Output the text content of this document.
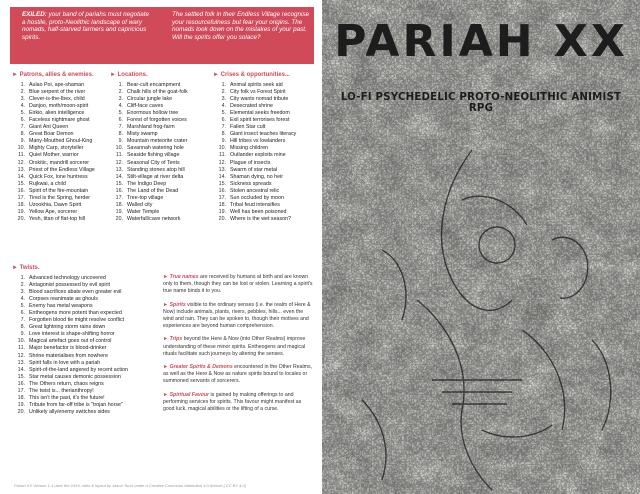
EXILED: your band of pariahs must negotiate a hostile, proto-Neolithic landscape of wary nomads, half-starved farmers and capricious spirits.
The settled folk in their Endless Village recognise your resourcefulness but fear your origins. The nomads look down on the mistakes of your past. Will the spirits offer you solace?
► Patrons, allies & enemies.
1. Aulao Poi, ape-shaman
2. Blue serpent of the river
3. Clever-is-the-Ibex, child
4. Danjoo, moth/moon-spirit
5. Eirkio, alien intelligence
6. Faceless nightmare ghost
7. Giant Ant Queen
8. Great Boar Demon
9. Many-Mouthed Ghoul-King
10. Mighty Carp, storyteller
11. Quiet Mother, warrior
12. Orskitic, mandrill sorcerer
13. Priest of the Endless Village
14. Quick Fox, lone huntress
15. Rujkwai, a child
16. Spirit of the fire-mountain
17. Tired is the Spring, herder
18. Uzookhia, Dawn Spirit
19. Yellow Ape, sorcerer
20. Yesh, titan of flat-top hill
► Locations.
1. Bear-cult encampment
2. Chalk hills of the goat-folk
3. Circular jungle lake
4. Cliff-face caves
5. Enormous hollow tree
6. Forest of forgotten voices
7. Marshland frog-farm
8. Misty swamp
9. Mountain meteorite crater
10. Savannah watering hole
11. Seaside fishing village
12. Seasonal City of Tents
13. Standing stones atop hill
14. Stilt-village at river delta
15. The Indigo Deep
16. The Land of the Dead
17. Tree-top village
18. Walled city
19. Water Temple
20. Waterfall/cave network
► Crises & opportunities...
1. Animal spirits seek aid
2. City folk vs Forest Spirit
3. City wants nomad tribute
4. Desecrated shrine
5. Elemental seeks freedom
6. Exil spirit terrorises forest
7. Fallen Star cult
8. Giant insect teaches literacy
9. Hill tribes vs lowlanders
10. Missing children
11. Outlander exploits mine
12. Plague of insects
13. Swarm of star metal
14. Shaman dying, no heir
15. Sickness spreads
16. Stolen ancestral relic
17. Sun occluded by moon
18. Tribal feud intensifies
19. Well has been poisoned
20. Where is the wet season?
► Twists.
1. Advanced technology uncovered
2. Antagonist possessed by evil spirit
3. Blood sacrifices abate even greater evil
4. Corpses reanimate as ghouls
5. Enemy has metal weapons
6. Entheogens more potent than expected
7. Forgotten blood tie might resolve conflict
8. Great lightning storm rains down
9. Love interest is shape-shifting horror
10. Magical artefact goes out of control
11. Major benefactor is blood-drinker
12. Shrine materialises from nowhere
13. Spirit falls in love with a pariah
14. Spirit-of-the-land angered by recent action
15. Star metal causes demonic possession
16. The Others return, chaos reigns
17. The twist is... therianthropy!
18. This isn't the past, it's the future!
19. Tribute from far-off tribe is "trojan horse"
20. Unlikely ally/enemy switches sides

► True names are received by humans at birth and are known only to them, though they can be lost or stolen. Learning a spirit's true name binds it to you.

► Spirits visible to the ordinary senses (i.e. the realm of Here & Now) include animals, plants, rivers, pebbles, hills... even the wind and rain. They can be spoken to, though their motives and experiences are beyond human comprehension.

► Trips beyond the Here & Now (into Other Realms) improve understanding of these minor spirits. Entheogens and magical rituals facilitate such journeys by altering the senses.

► Greater Spirits & Demons encountered in the Other Realms, as well as the Here & Now as nature spirits bound to locales or summoned servants of sorcerers.

► Spiritual Favour is gained by making offerings to and performing services for spirits. This favour might manifest as good luck, magical abilities or the lifting of a curse.

Pariah XX Version 1.1 uses the 24XX rules & layout by Jason Tocci under a Creative Commons Attribution 4.0 license ( CC BY 4.0)
PARIAH XX
LO-FI PSYCHEDELIC PROTO-NEOLITHIC ANIMIST RPG
